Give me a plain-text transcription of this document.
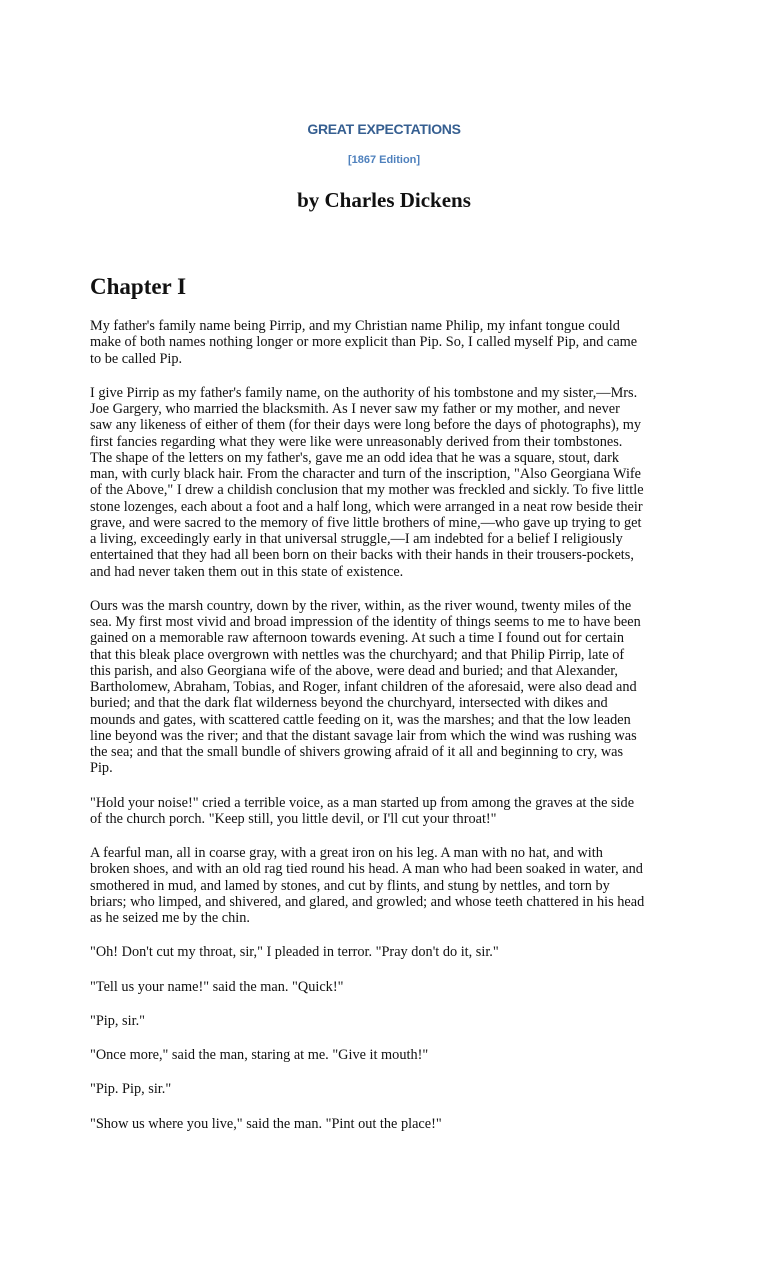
GREAT EXPECTATIONS
[1867 Edition]
by Charles Dickens
Chapter I

My father's family name being Pirrip, and my Christian name Philip, my infant tongue could
make of both names nothing longer or more explicit than Pip. So, I called myself Pip, and came
to be called Pip.

I give Pirrip as my father's family name, on the authority of his tombstone and my sister,—Mrs.
Joe Gargery, who married the blacksmith. As I never saw my father or my mother, and never
saw any likeness of either of them (for their days were long before the days of photographs), my
first fancies regarding what they were like were unreasonably derived from their tombstones.
The shape of the letters on my father's, gave me an odd idea that he was a square, stout, dark
man, with curly black hair. From the character and turn of the inscription, "Also Georgiana Wife
of the Above," I drew a childish conclusion that my mother was freckled and sickly. To five little
stone lozenges, each about a foot and a half long, which were arranged in a neat row beside their
grave, and were sacred to the memory of five little brothers of mine,—who gave up trying to get
a living, exceedingly early in that universal struggle,—I am indebted for a belief I religiously
entertained that they had all been born on their backs with their hands in their trousers-pockets,
and had never taken them out in this state of existence.

Ours was the marsh country, down by the river, within, as the river wound, twenty miles of the
sea. My first most vivid and broad impression of the identity of things seems to me to have been
gained on a memorable raw afternoon towards evening. At such a time I found out for certain
that this bleak place overgrown with nettles was the churchyard; and that Philip Pirrip, late of
this parish, and also Georgiana wife of the above, were dead and buried; and that Alexander,
Bartholomew, Abraham, Tobias, and Roger, infant children of the aforesaid, were also dead and
buried; and that the dark flat wilderness beyond the churchyard, intersected with dikes and
mounds and gates, with scattered cattle feeding on it, was the marshes; and that the low leaden
line beyond was the river; and that the distant savage lair from which the wind was rushing was
the sea; and that the small bundle of shivers growing afraid of it all and beginning to cry, was
Pip.

"Hold your noise!" cried a terrible voice, as a man started up from among the graves at the side
of the church porch. "Keep still, you little devil, or I'll cut your throat!"

A fearful man, all in coarse gray, with a great iron on his leg. A man with no hat, and with
broken shoes, and with an old rag tied round his head. A man who had been soaked in water, and
smothered in mud, and lamed by stones, and cut by flints, and stung by nettles, and torn by
briars; who limped, and shivered, and glared, and growled; and whose teeth chattered in his head
as he seized me by the chin.

"Oh! Don't cut my throat, sir," I pleaded in terror. "Pray don't do it, sir."

"Tell us your name!" said the man. "Quick!"

"Pip, sir."

"Once more," said the man, staring at me. "Give it mouth!"

"Pip. Pip, sir."

"Show us where you live," said the man. "Pint out the place!"
